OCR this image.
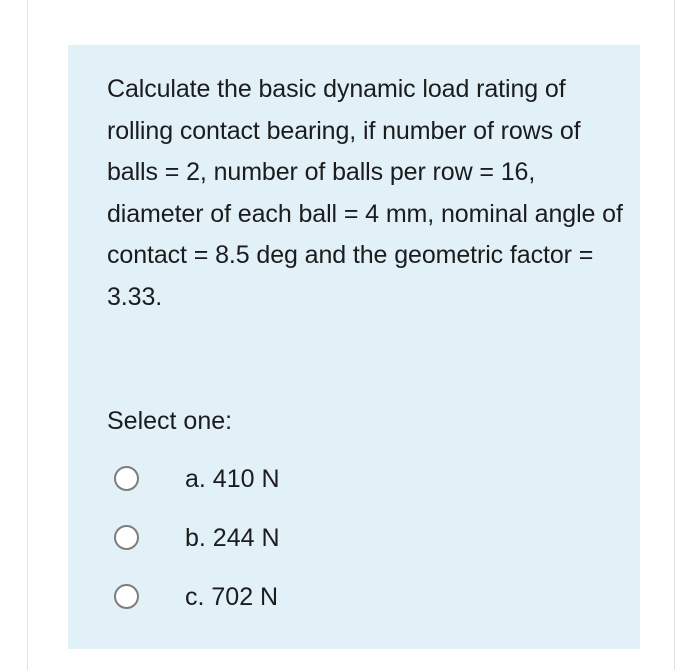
Calculate the basic dynamic load rating of rolling contact bearing, if number of rows of balls = 2, number of balls per row = 16, diameter of each ball = 4 mm, nominal angle of contact = 8.5 deg and the geometric factor = 3.33.

Select one:

a. 410 N
b. 244 N
c. 702 N
